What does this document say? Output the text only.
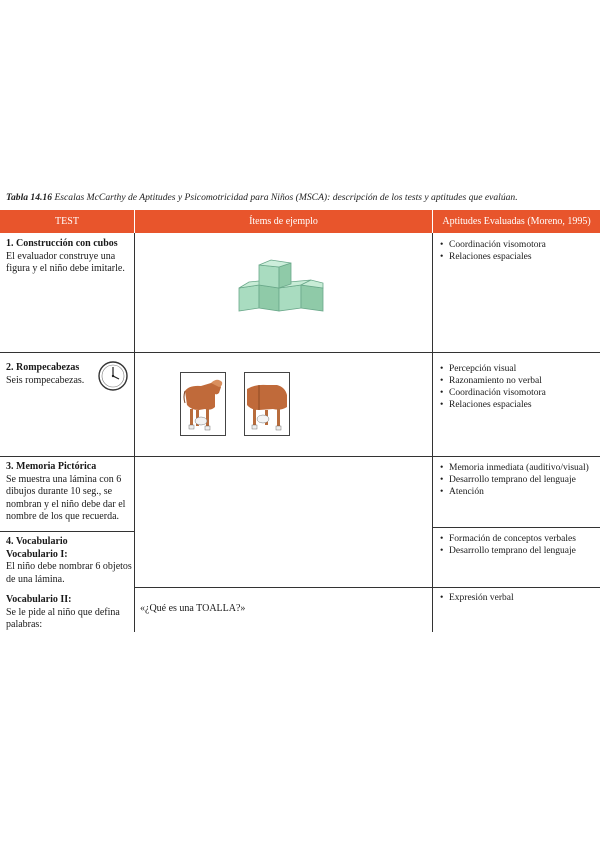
Tabla 14.16 Escalas McCarthy de Aptitudes y Psicomotricidad para Niños (MSCA): descripción de los tests y aptitudes que evalúan.
TEST	Ítems de ejemplo	Aptitudes Evaluadas (Moreno, 1995)
1. Construcción con cubos
El evaluador construye una figura y el niño debe imitarle.
• Coordinación visomotora
• Relaciones espaciales
2. Rompecabezas
Seis rompecabezas.
• Percepción visual
• Razonamiento no verbal
• Coordinación visomotora
• Relaciones espaciales
3. Memoria Pictórica
Se muestra una lámina con 6 dibujos durante 10 seg., se nombran y el niño debe dar el nombre de los que recuerda.
• Memoria inmediata (auditivo/visual)
• Desarrollo temprano del lenguaje
• Atención
4. Vocabulario
Vocabulario I:
El niño debe nombrar 6 objetos de una lámina.
Vocabulario II:
Se le pide al niño que defina palabras:
• Formación de conceptos verbales
• Desarrollo temprano del lenguaje
«¿Qué es una TOALLA?»
• Expresión verbal
